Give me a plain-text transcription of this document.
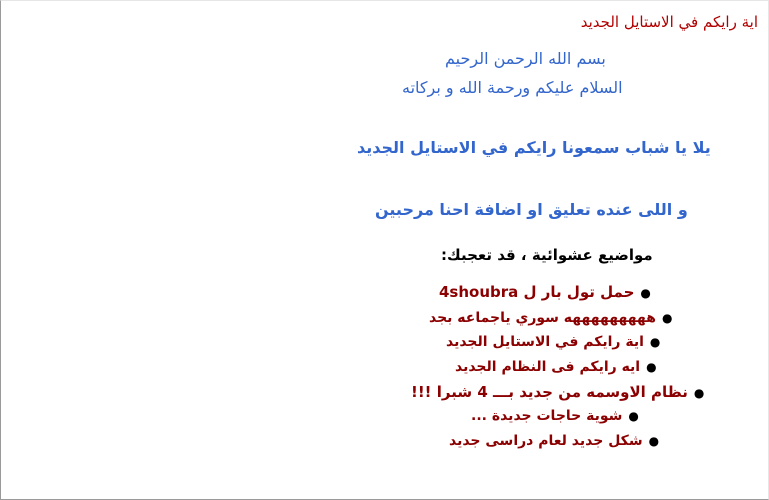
اية رايكم في الاستايل الجديد
بسم الله الرحمن الرحيم
السلام عليكم ورحمة الله و بركاته
يلا يا شباب سمعونا رايكم في الاستايل الجديد
و اللى عنده تعليق او اضافة احنا مرحبين
مواضيع عشوائية ، قد تعجبك:
●حمل تول بار ل 4shoubra
●هههههههههه سوري ياجماعه بجد
●اية رايكم في الاستايل الجديد
●ايه رايكم فى النظام الجديد
●نظام الاوسمه من جديد بـــ 4 شبرا !!!
●شوية حاجات جديدة ...
●شكل جديد لعام دراسى جديد
